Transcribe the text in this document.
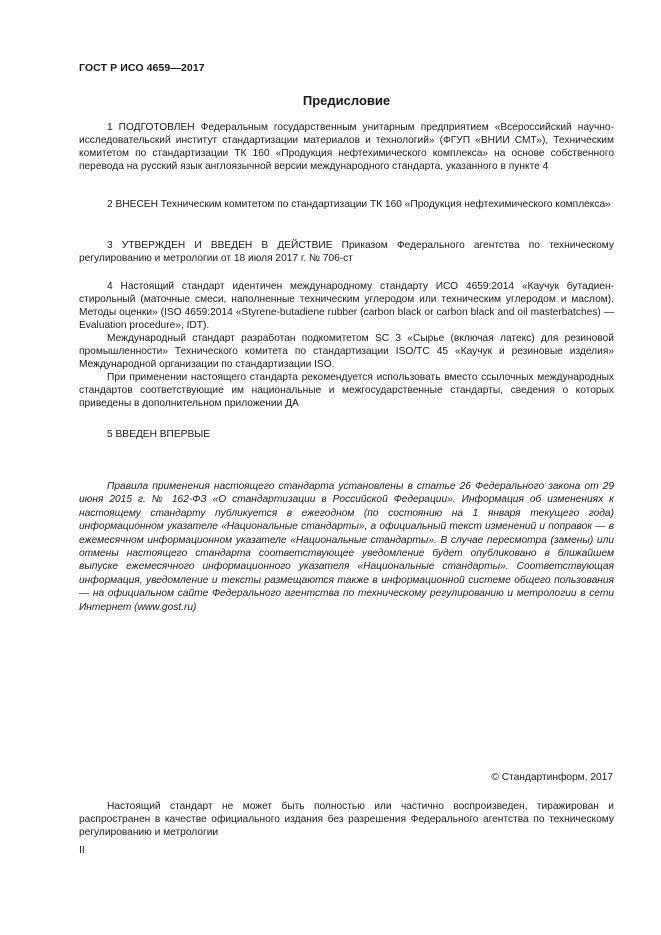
ГОСТ Р ИСО 4659—2017
Предисловие

1 ПОДГОТОВЛЕН Федеральным государственным унитарным предприятием «Всероссийский научно-исследовательский институт стандартизации материалов и технологий» (ФГУП «ВНИИ СМТ»), Техническим комитетом по стандартизации ТК 160 «Продукция нефтехимического комплекса» на основе собственного перевода на русский язык англоязычной версии международного стандарта, указанного в пункте 4

2 ВНЕСЕН Техническим комитетом по стандартизации ТК 160 «Продукция нефтехимического комплекса»

3 УТВЕРЖДЕН И ВВЕДЕН В ДЕЙСТВИЕ Приказом Федерального агентства по техническому регулированию и метрологии от 18 июля 2017 г. № 706-ст

4 Настоящий стандарт идентичен международному стандарту ИСО 4659:2014 «Каучук бутадиен-стирольный (маточные смеси, наполненные техническим углеродом или техническим углеродом и маслом). Методы оценки» (ISO 4659:2014 «Styrene-butadiene rubber (carbon black or carbon black and oil masterbatches) — Evaluation procedure», IDT).

Международный стандарт разработан подкомитетом SC 3 «Сырье (включая латекс) для резиновой промышленности» Технического комитета по стандартизации ISO/TC 45 «Каучук и резиновые изделия» Международной организации по стандартизации ISO.

При применении настоящего стандарта рекомендуется использовать вместо ссылочных международных стандартов соответствующие им национальные и межгосударственные стандарты, сведения о которых приведены в дополнительном приложении ДА

5 ВВЕДЕН ВПЕРВЫЕ

Правила применения настоящего стандарта установлены в статье 26 Федерального закона от 29 июня 2015 г. № 162-ФЗ «О стандартизации в Российской Федерации». Информация об изменениях к настоящему стандарту публикуется в ежегодном (по состоянию на 1 января текущего года) информационном указателе «Национальные стандарты», а официальный текст изменений и поправок — в ежемесячном информационном указателе «Национальные стандарты». В случае пересмотра (замены) или отмены настоящего стандарта соответствующее уведомление будет опубликовано в ближайшем выпуске ежемесячного информационного указателя «Национальные стандарты». Соответствующая информация, уведомление и тексты размещаются также в информационной системе общего пользования — на официальном сайте Федерального агентства по техническому регулированию и метрологии в сети Интернет (www.gost.ru)

© Стандартинформ, 2017

Настоящий стандарт не может быть полностью или частично воспроизведен, тиражирован и распространен в качестве официального издания без разрешения Федерального агентства по техническому регулированию и метрологии

II
